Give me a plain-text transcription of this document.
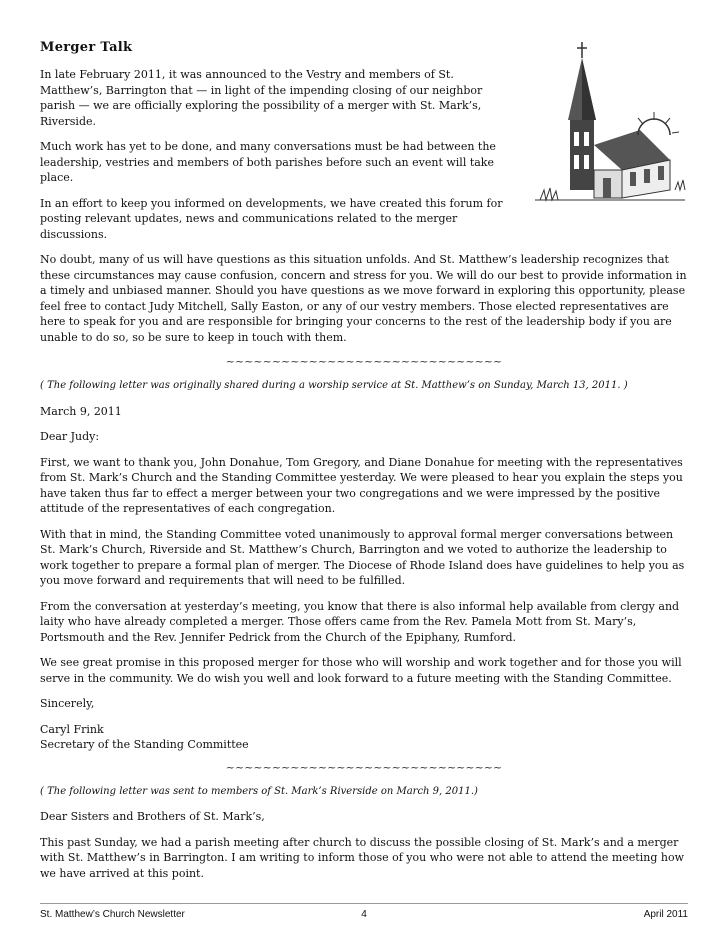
Merger Talk

In late February 2011, it was announced to the Vestry and members of St. Matthew’s, Barrington that — in light of the impending closing of our neighbor parish — we are officially exploring the possibility of a merger with St. Mark’s, Riverside.

Much work has yet to be done, and many conversations must be had between the leadership, vestries and members of both parishes before such an event will take place.

In an effort to keep you informed on developments, we have created this forum for posting relevant updates, news and communications related to the merger discussions.

No doubt, many of us will have questions as this situation unfolds. And St. Matthew’s leadership recognizes that these circumstances may cause confusion, concern and stress for you. We will do our best to provide information in a timely and unbiased manner. Should you have questions as we move forward in exploring this opportunity, please feel free to contact Judy Mitchell, Sally Easton, or any of our vestry members. Those elected representatives are here to speak for you and are responsible for bringing your concerns to the rest of the leadership body if you are unable to do so, so be sure to keep in touch with them.

~~~~~~~~~~~~~~~~~~~~~~~~~~~~~~

( The following letter was originally shared during a worship service at St. Matthew’s on Sunday, March 13, 2011. )

March 9, 2011

Dear Judy:

First, we want to thank you, John Donahue, Tom Gregory, and Diane Donahue for meeting with the representatives from St. Mark’s Church and the Standing Committee yesterday. We were pleased to hear you explain the steps you have taken thus far to effect a merger between your two congregations and we were impressed by the positive attitude of the representatives of each congregation.

With that in mind, the Standing Committee voted unanimously to approval formal merger conversations between St. Mark’s Church, Riverside and St. Matthew’s Church, Barrington and we voted to authorize the leadership to work together to prepare a formal plan of merger. The Diocese of Rhode Island does have guidelines to help you as you move forward and requirements that will need to be fulfilled.

From the conversation at yesterday’s meeting, you know that there is also informal help available from clergy and laity who have already completed a merger. Those offers came from the Rev. Pamela Mott from St. Mary’s, Portsmouth and the Rev. Jennifer Pedrick from the Church of the Epiphany, Rumford.

We see great promise in this proposed merger for those who will worship and work together and for those you will serve in the community. We do wish you well and look forward to a future meeting with the Standing Committee.

Sincerely,

Caryl Frink
Secretary of the Standing Committee

~~~~~~~~~~~~~~~~~~~~~~~~~~~~~~

( The following letter was sent to members of St. Mark’s Riverside on March 9, 2011.)

Dear Sisters and Brothers of St. Mark’s,

This past Sunday, we had a parish meeting after church to discuss the possible closing of St. Mark’s and a merger with St. Matthew’s in Barrington. I am writing to inform those of you who were not able to attend the meeting how we have arrived at this point.

St. Matthew’s Church Newsletter	4	April 2011
